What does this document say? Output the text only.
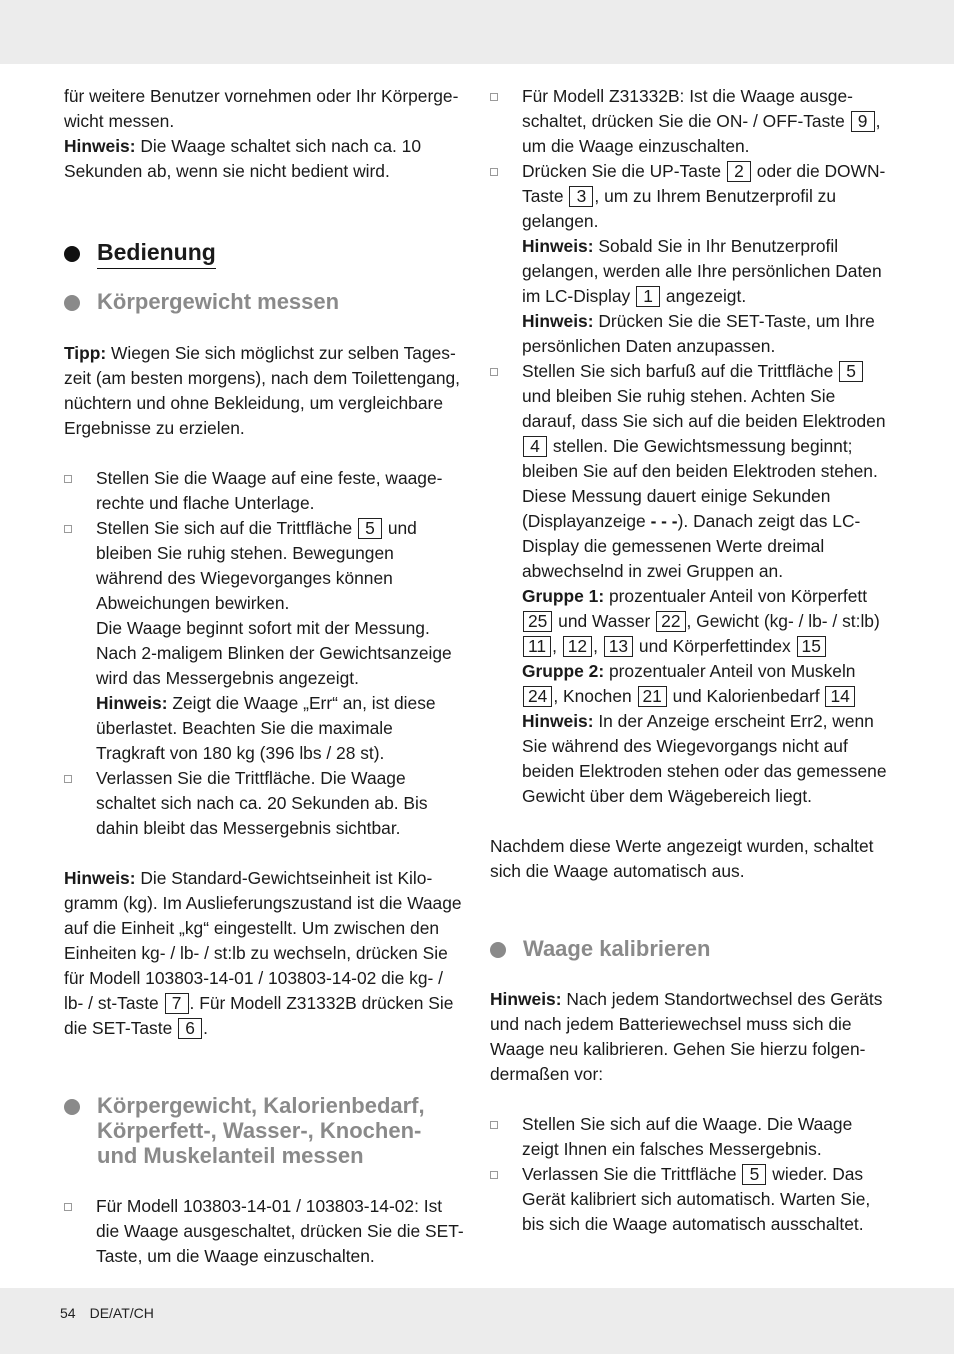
für weitere Benutzer vornehmen oder Ihr Körpergewicht messen.
Hinweis: Die Waage schaltet sich nach ca. 10 Sekunden ab, wenn sie nicht bedient wird.

Bedienung
Körpergewicht messen

Tipp: Wiegen Sie sich möglichst zur selben Tageszeit (am besten morgens), nach dem Toilettengang, nüchtern und ohne Bekleidung, um vergleichbare Ergebnisse zu erzielen.

Stellen Sie die Waage auf eine feste, waagerechte und flache Unterlage.
Stellen Sie sich auf die Trittfläche 5 und bleiben Sie ruhig stehen. Bewegungen während des Wiegevorganges können Abweichungen bewirken.
Die Waage beginnt sofort mit der Messung. Nach 2-maligem Blinken der Gewichtsanzeige wird das Messergebnis angezeigt.
Hinweis: Zeigt die Waage „Err“ an, ist diese überlastet. Beachten Sie die maximale Tragkraft von 180 kg (396 lbs / 28 st).
Verlassen Sie die Trittfläche. Die Waage schaltet sich nach ca. 20 Sekunden ab. Bis dahin bleibt das Messergebnis sichtbar.

Hinweis: Die Standard-Gewichtseinheit ist Kilogramm (kg). Im Auslieferungszustand ist die Waage auf die Einheit „kg“ eingestellt. Um zwischen den Einheiten kg- / lb- / st:lb zu wechseln, drücken Sie für Modell 103803-14-01 / 103803-14-02 die kg- / lb- / st-Taste 7 . Für Modell Z31332B drücken Sie die SET-Taste 6 .

Körpergewicht, Kalorienbedarf, Körperfett-, Wasser-, Knochen- und Muskelanteil messen
Für Modell 103803-14-01 / 103803-14-02: Ist die Waage ausgeschaltet, drücken Sie die SET-Taste, um die Waage einzuschalten.
Für Modell Z31332B: Ist die Waage ausgeschaltet, drücken Sie die ON- / OFF-Taste 9 , um die Waage einzuschalten.
Drücken Sie die UP-Taste 2 oder die DOWN-Taste 3 , um zu Ihrem Benutzerprofil zu gelangen.
Hinweis: Sobald Sie in Ihr Benutzerprofil gelangen, werden alle Ihre persönlichen Daten im LC-Display 1 angezeigt.
Hinweis: Drücken Sie die SET-Taste, um Ihre persönlichen Daten anzupassen.
Stellen Sie sich barfuß auf die Trittfläche 5 und bleiben Sie ruhig stehen. Achten Sie darauf, dass Sie sich auf die beiden Elektroden 4 stellen. Die Gewichtsmessung beginnt; bleiben Sie auf den beiden Elektroden stehen. Diese Messung dauert einige Sekunden (Displayanzeige - - -). Danach zeigt das LC-Display die gemessenen Werte dreimal abwechselnd in zwei Gruppen an.
Gruppe 1: prozentualer Anteil von Körperfett 25 und Wasser 22 , Gewicht (kg- / lb- / st:lb) 11 , 12 , 13 und Körperfettindex 15
Gruppe 2: prozentualer Anteil von Muskeln 24 , Knochen 21 und Kalorienbedarf 14
Hinweis: In der Anzeige erscheint Err2, wenn Sie während des Wiegevorgangs nicht auf beiden Elektroden stehen oder das gemessene Gewicht über dem Wägebereich liegt.

Nachdem diese Werte angezeigt wurden, schaltet sich die Waage automatisch aus.

Waage kalibrieren

Hinweis: Nach jedem Standortwechsel des Geräts und nach jedem Batteriewechsel muss sich die Waage neu kalibrieren. Gehen Sie hierzu folgendermaßen vor:

Stellen Sie sich auf die Waage. Die Waage zeigt Ihnen ein falsches Messergebnis.
Verlassen Sie die Trittfläche 5 wieder. Das Gerät kalibriert sich automatisch. Warten Sie, bis sich die Waage automatisch ausschaltet.
54 DE/AT/CH
